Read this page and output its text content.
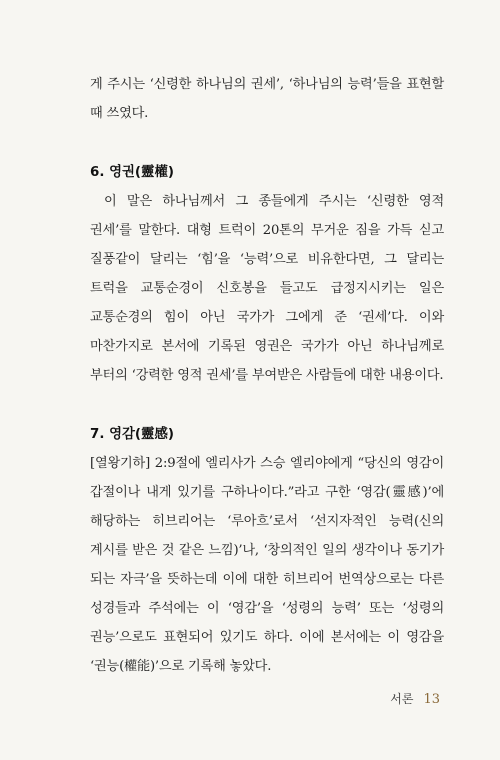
게 주시는 ‘신령한 하나님의 권세’, ‘하나님의 능력’들을 표현할 때 쓰였다.

6. 영권(靈權)

이 말은 하나님께서 그 종들에게 주시는 ‘신령한 영적 권세’를 말한다. 대형 트럭이 20톤의 무거운 짐을 가득 싣고 질풍같이 달리는 ‘힘’을 ‘능력’으로 비유한다면, 그 달리는 트럭을 교통순경이 신호봉을 들고도 급정지시키는 일은 교통순경의 힘이 아닌 국가가 그에게 준 ‘권세’다. 이와 마찬가지로 본서에 기록된 영권은 국가가 아닌 하나님께로 부터의 ‘강력한 영적 권세’를 부여받은 사람들에 대한 내용이다.

7. 영감(靈感)

[열왕기하] 2:9절에 엘리사가 스승 엘리야에게 “당신의 영감이 갑절이나 내게 있기를 구하나이다.”라고 구한 ‘영감(靈感)’에 해당하는 히브리어는 ‘루아흐’로서 ‘선지자적인 능력(신의 계시를 받은 것 같은 느낌)’나, ‘창의적인 일의 생각이나 동기가 되는 자극’을 뜻하는데 이에 대한 히브리어 번역상으로는 다른 성경들과 주석에는 이 ‘영감’을 ‘성령의 능력’ 또는 ‘성령의 권능’으로도 표현되어 있기도 하다. 이에 본서에는 이 영감을 ‘권능(權能)’으로 기록해 놓았다.

서론 13
